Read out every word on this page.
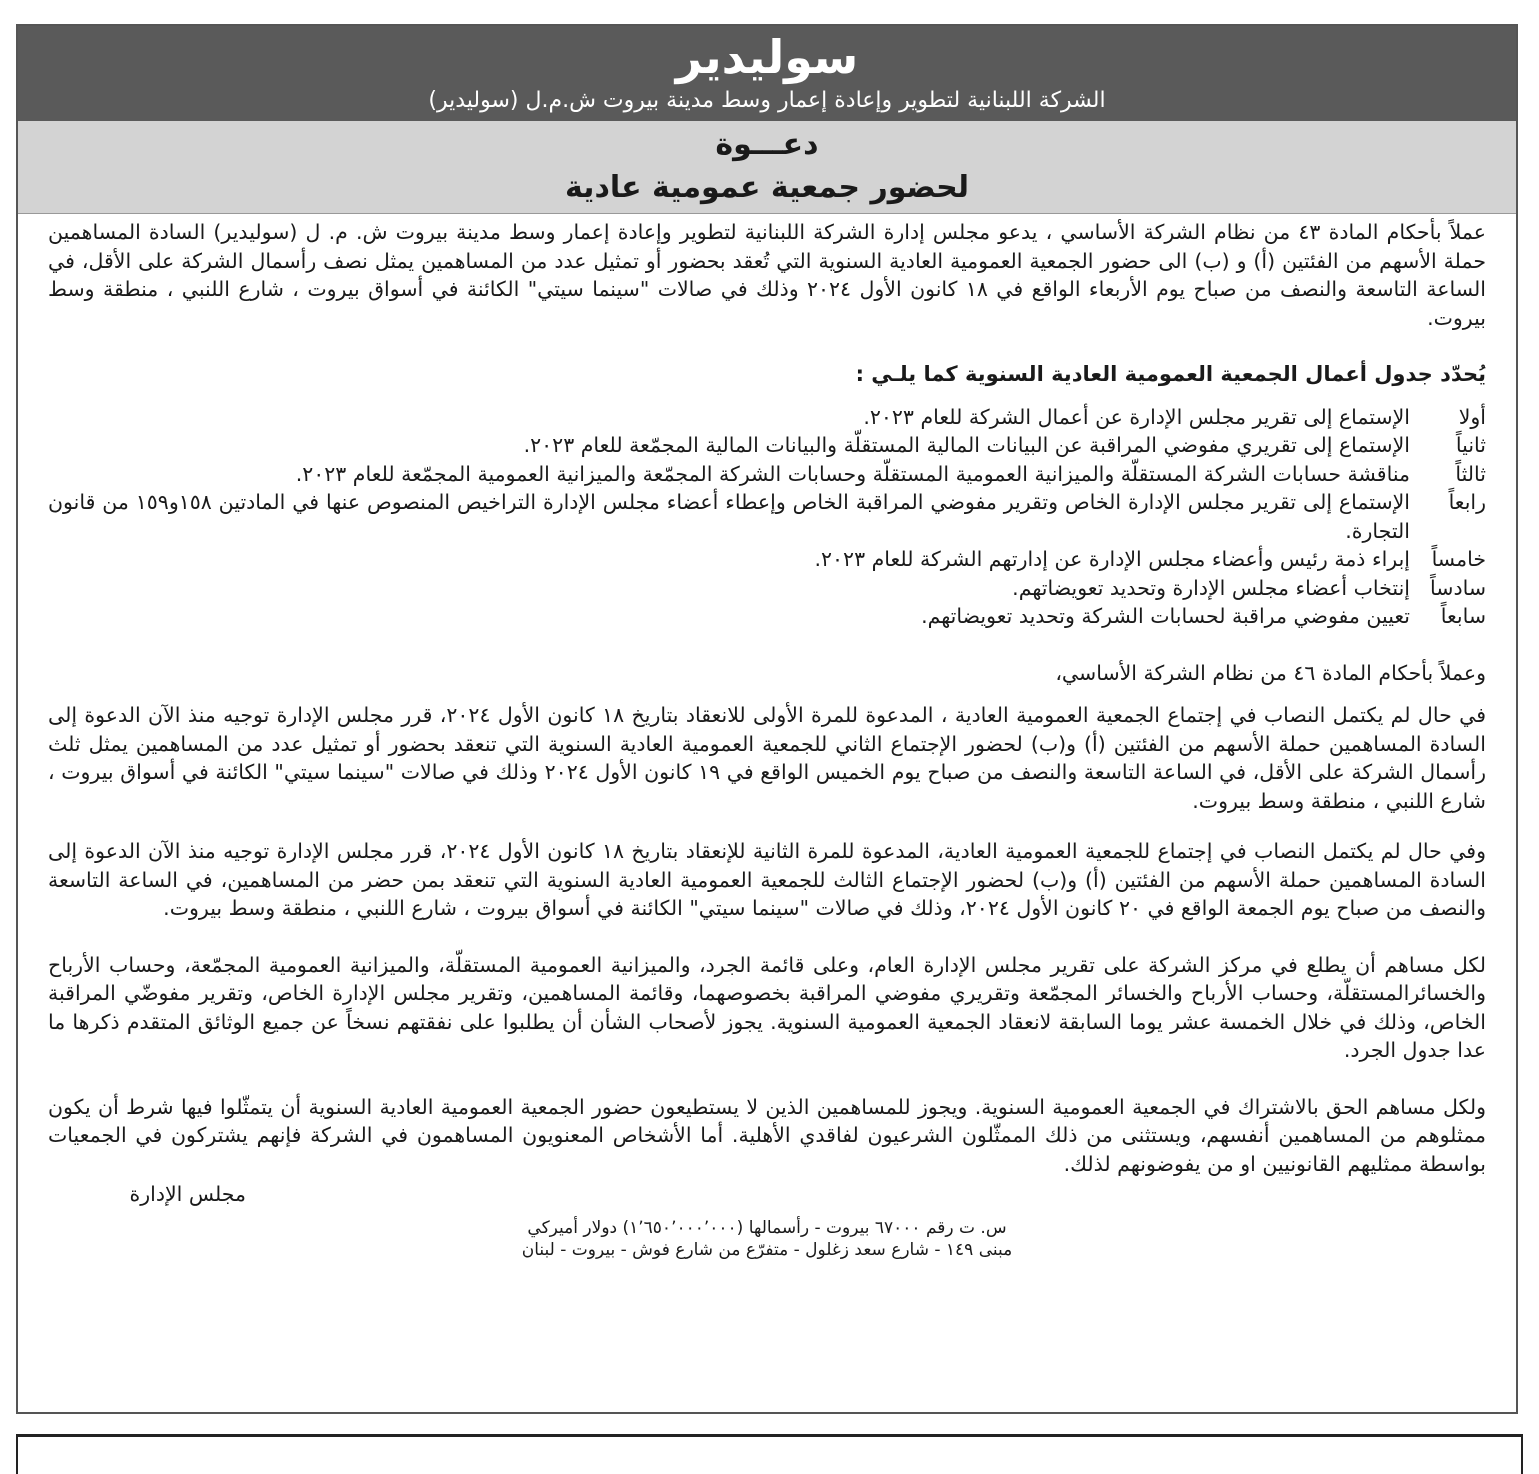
سوليدير
الشركة اللبنانية لتطوير وإعادة إعمار وسط مدينة بيروت ش.م.ل (سوليدير)
دعـــوة
لحضور جمعية عمومية عادية

عملاً بأحكام المادة ٤٣ من نظام الشركة الأساسي ، يدعو مجلس إدارة الشركة اللبنانية لتطوير وإعادة إعمار وسط مدينة بيروت ش. م. ل (سوليدير) السادة المساهمين حملة الأسهم من الفئتين (أ) و (ب) الى حضور الجمعية العمومية العادية السنوية التي تُعقد بحضور أو تمثيل عدد من المساهمين يمثل نصف رأسمال الشركة على الأقل، في الساعة التاسعة والنصف من صباح يوم الأربعاء الواقع في ١٨ كانون الأول ٢٠٢٤ وذلك في صالات "سينما سيتي" الكائنة في أسواق بيروت ، شارع اللنبي ، منطقة وسط بيروت.

يُحدّد جدول أعمال الجمعية العمومية العادية السنوية كما يلـي :

أولا
الإستماع إلى تقرير مجلس الإدارة عن أعمال الشركة للعام ٢٠٢٣.
ثانياً
الإستماع إلى تقريري مفوضي المراقبة عن البيانات المالية المستقلّة والبيانات المالية المجمّعة للعام ٢٠٢٣.
ثالثاً
مناقشة حسابات الشركة المستقلّة والميزانية العمومية المستقلّة وحسابات الشركة المجمّعة والميزانية العمومية المجمّعة للعام ٢٠٢٣.
رابعاً
الإستماع إلى تقرير مجلس الإدارة الخاص وتقرير مفوضي المراقبة الخاص وإعطاء أعضاء مجلس الإدارة التراخيص المنصوص عنها في المادتين ١٥٨و١٥٩ من قانون التجارة.
خامساً
إبراء ذمة رئيس وأعضاء مجلس الإدارة عن إدارتهم الشركة للعام ٢٠٢٣.
سادساً
إنتخاب أعضاء مجلس الإدارة وتحديد تعويضاتهم.
سابعاً
تعيين مفوضي مراقبة لحسابات الشركة وتحديد تعويضاتهم.

وعملاً بأحكام المادة ٤٦ من نظام الشركة الأساسي،

في حال لم يكتمل النصاب في إجتماع الجمعية العمومية العادية ، المدعوة للمرة الأولى للانعقاد بتاريخ ١٨ كانون الأول ٢٠٢٤، قرر مجلس الإدارة توجيه منذ الآن الدعوة إلى السادة المساهمين حملة الأسهم من الفئتين (أ) و(ب) لحضور الإجتماع الثاني للجمعية العمومية العادية السنوية التي تنعقد بحضور أو تمثيل عدد من المساهمين يمثل ثلث رأسمال الشركة على الأقل، في الساعة التاسعة والنصف من صباح يوم الخميس الواقع في ١٩ كانون الأول ٢٠٢٤ وذلك في صالات "سينما سيتي" الكائنة في أسواق بيروت ، شارع اللنبي ، منطقة وسط بيروت.

وفي حال لم يكتمل النصاب في إجتماع للجمعية العمومية العادية، المدعوة للمرة الثانية للإنعقاد بتاريخ ١٨ كانون الأول ٢٠٢٤، قرر مجلس الإدارة توجيه منذ الآن الدعوة إلى السادة المساهمين حملة الأسهم من الفئتين (أ) و(ب) لحضور الإجتماع الثالث للجمعية العمومية العادية السنوية التي تنعقد بمن حضر من المساهمين، في الساعة التاسعة والنصف من صباح يوم الجمعة الواقع في ٢٠ كانون الأول ٢٠٢٤، وذلك في صالات "سينما سيتي" الكائنة في أسواق بيروت ، شارع اللنبي ، منطقة وسط بيروت.

لكل مساهم أن يطلع في مركز الشركة على تقرير مجلس الإدارة العام، وعلى قائمة الجرد، والميزانية العمومية المستقلّة، والميزانية العمومية المجمّعة، وحساب الأرباح والخسائرالمستقلّة، وحساب الأرباح والخسائر المجمّعة وتقريري مفوضي المراقبة بخصوصهما، وقائمة المساهمين، وتقرير مجلس الإدارة الخاص، وتقرير مفوضّي المراقبة الخاص، وذلك في خلال الخمسة عشر يوما السابقة لانعقاد الجمعية العمومية السنوية. يجوز لأصحاب الشأن أن يطلبوا على نفقتهم نسخاً عن جميع الوثائق المتقدم ذكرها ما عدا جدول الجرد.

ولكل مساهم الحق بالاشتراك في الجمعية العمومية السنوية. ويجوز للمساهمين الذين لا يستطيعون حضور الجمعية العمومية العادية السنوية أن يتمثّلوا فيها شرط أن يكون ممثلوهم من المساهمين أنفسهم، ويستثنى من ذلك الممثّلون الشرعيون لفاقدي الأهلية. أما الأشخاص المعنويون المساهمون في الشركة فإنهم يشتركون في الجمعيات بواسطة ممثليهم القانونيين او من يفوضونهم لذلك.

مجلس الإدارة
س. ت رقم ٦٧٠٠٠ بيروت - رأسمالها (١٬٦٥٠٬٠٠٠٬٠٠٠) دولار أميركي
مبنى ١٤٩ - شارع سعد زغلول - متفرّع من شارع فوش - بيروت - لبنان
